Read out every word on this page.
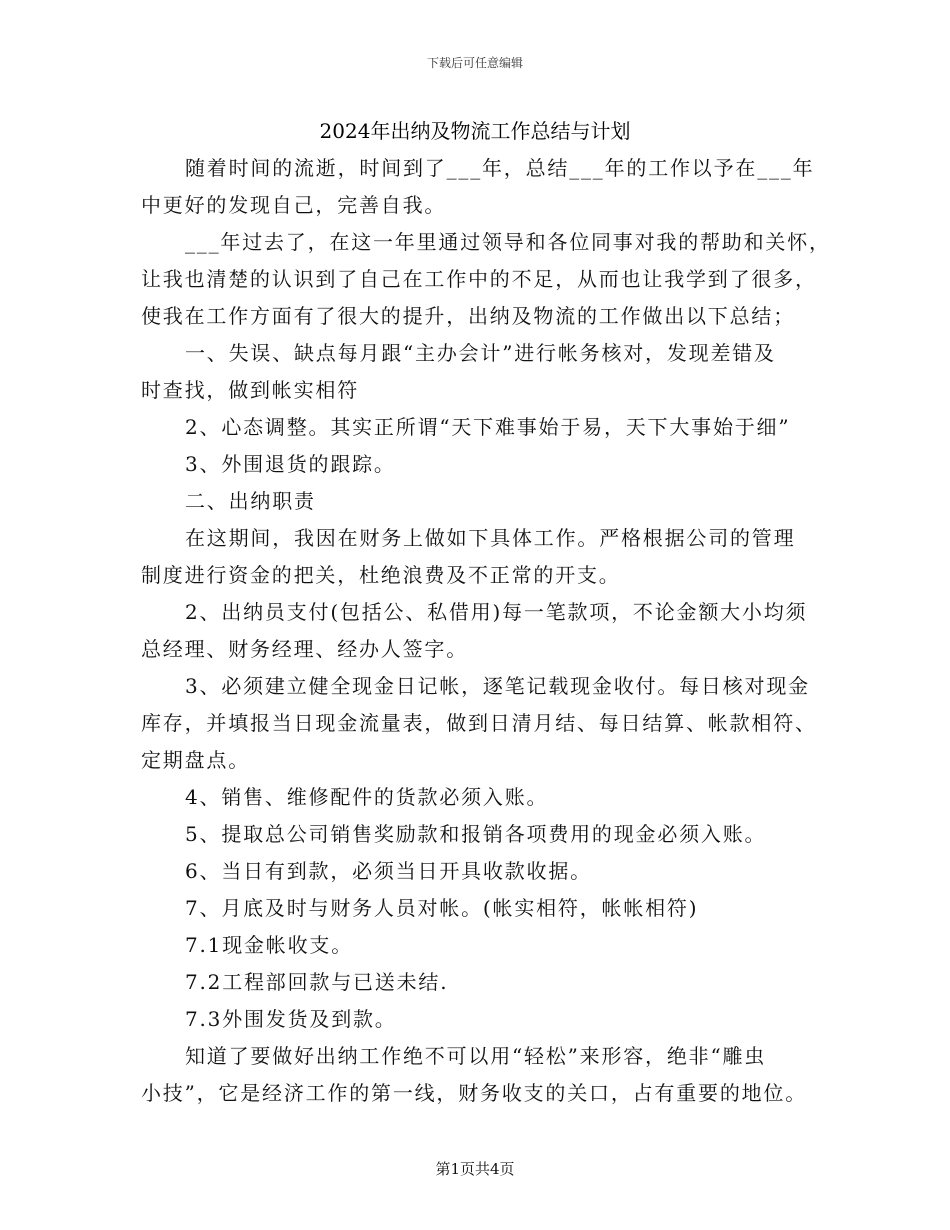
下载后可任意编辑
2024年出纳及物流工作总结与计划

随着时间的流逝，时间到了___年，总结___年的工作以予在___年
中更好的发现自己，完善自我。

___年过去了，在这一年里通过领导和各位同事对我的帮助和关怀，
让我也清楚的认识到了自己在工作中的不足，从而也让我学到了很多，
使我在工作方面有了很大的提升，出纳及物流的工作做出以下总结；

一、失误、缺点每月跟“主办会计”进行帐务核对，发现差错及
时查找，做到帐实相符

2、心态调整。其实正所谓“天下难事始于易，天下大事始于细”

3、外围退货的跟踪。

二、出纳职责

在这期间，我因在财务上做如下具体工作。严格根据公司的管理
制度进行资金的把关，杜绝浪费及不正常的开支。

2、出纳员支付(包括公、私借用)每一笔款项，不论金额大小均须
总经理、财务经理、经办人签字。

3、必须建立健全现金日记帐，逐笔记载现金收付。每日核对现金
库存，并填报当日现金流量表，做到日清月结、每日结算、帐款相符、
定期盘点。

4、销售、维修配件的货款必须入账。

5、提取总公司销售奖励款和报销各项费用的现金必须入账。

6、当日有到款，必须当日开具收款收据。

7、月底及时与财务人员对帐。(帐实相符，帐帐相符)

7.1现金帐收支。

7.2工程部回款与已送未结.

7.3外围发货及到款。

知道了要做好出纳工作绝不可以用“轻松”来形容，绝非“雕虫
小技”，它是经济工作的第一线，财务收支的关口，占有重要的地位。

第1页共4页
